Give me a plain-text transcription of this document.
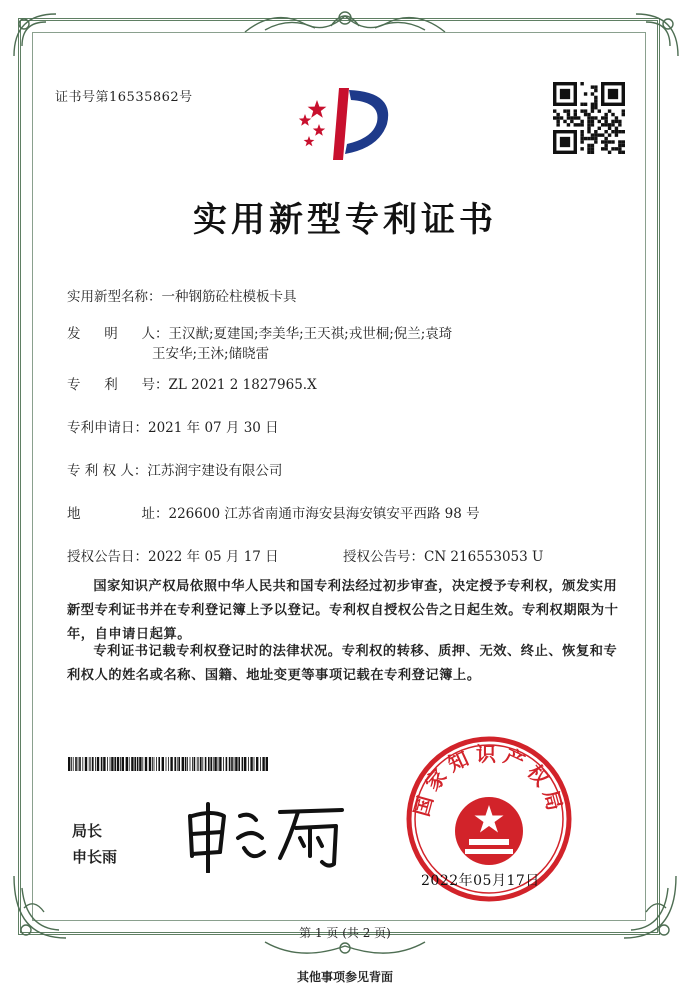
证书号第16535862号
实用新型专利证书
实用新型名称：一种钢筋砼柱模板卡具
发 明 人 ：王汉猷;夏建国;李美华;王天祺;戎世桐;倪兰;袁琦
王安华;王沐;储晓雷
专 利 号 ：ZL 2021 2 1827965.X
专利申请日：2021 年 07 月 30 日
专 利 权 人：江苏润宇建设有限公司
地	址 ：226600 江苏省南通市海安县海安镇安平西路 98 号
授权公告日：2022 年 05 月 17 日	授权公告号：CN 216553053 U
国家知识产权局依照中华人民共和国专利法经过初步审查，决定授予专利权，颁发实用新型专利证书并在专利登记簿上予以登记。专利权自授权公告之日起生效。专利权期限为十年，自申请日起算。
专利证书记载专利权登记时的法律状况。专利权的转移、质押、无效、终止、恢复和专利权人的姓名或名称、国籍、地址变更等事项记载在专利登记簿上。
局长
申长雨
国家知识产权局
2022年05月17日
第 1 页 (共 2 页)
其他事项参见背面
